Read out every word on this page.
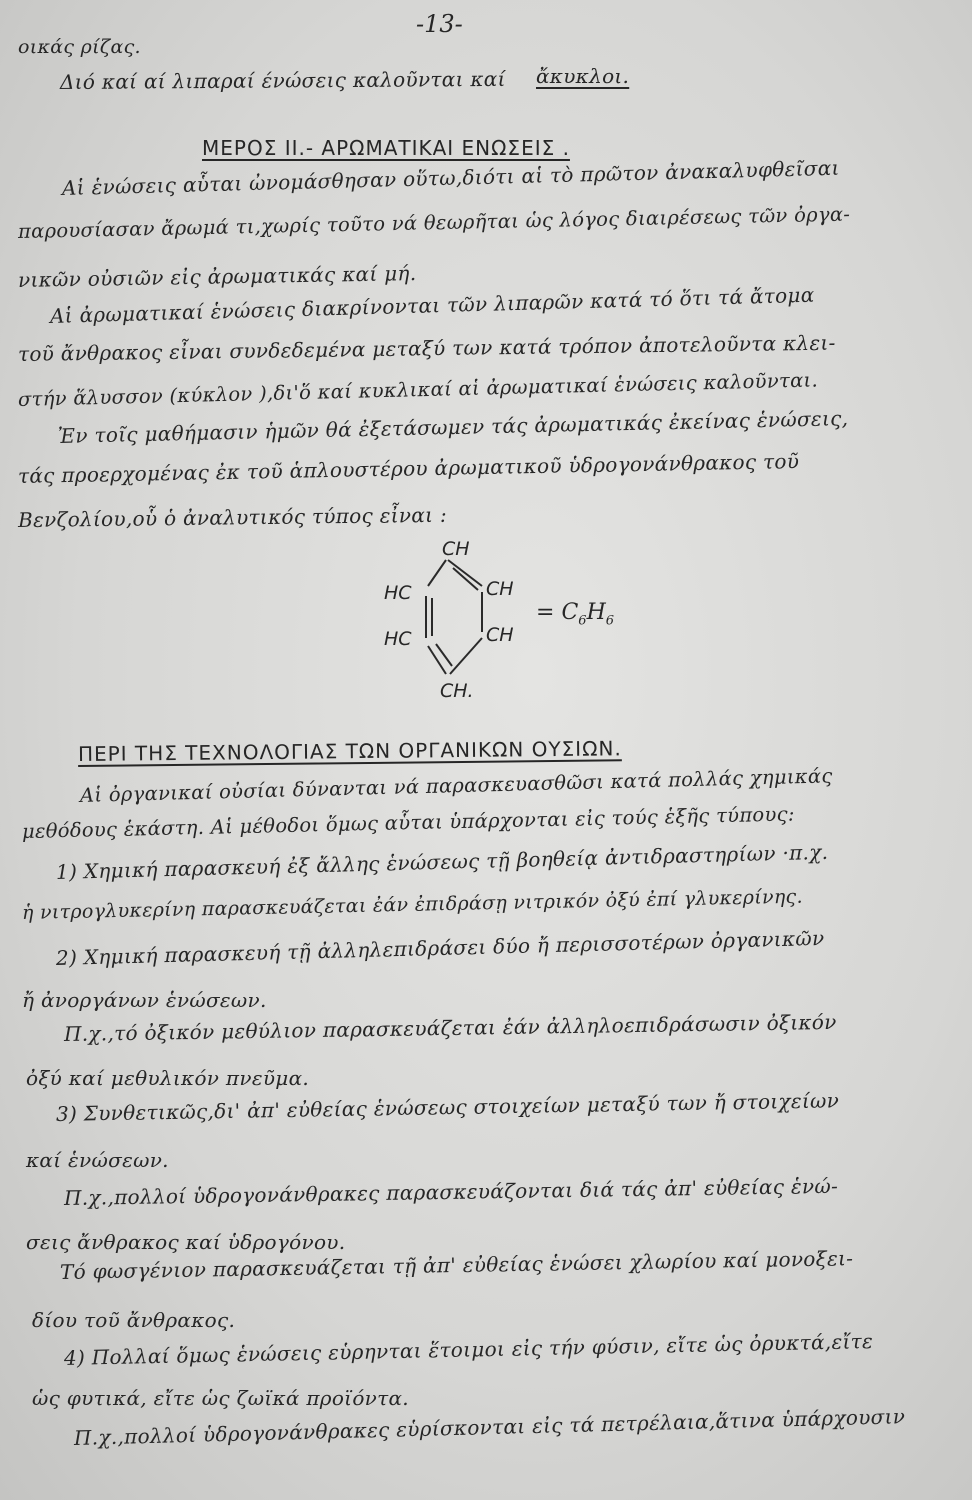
-13-
οικάς ρίζας.
Διό καί αί λιπαραί ένώσεις καλοῦνται καί ἄκυκλοι.
ΜΕΡΟΣ ΙΙ.- ΑΡΩΜΑΤΙΚΑΙ ΕΝΩΣΕΙΣ .
Αἱ ἑνώσεις αὗται ὠνομάσθησαν οὕτω,διότι αἱ τὸ πρῶτον ἀνακαλυφθεῖσαι
παρουσίασαν ἄρωμά τι,χωρίς τοῦτο νά θεωρῆται ὡς λόγος διαιρέσεως τῶν ὀργα-
νικῶν οὐσιῶν εἰς ἀρωματικάς καί μή.
Αἱ ἀρωματικαί ἑνώσεις διακρίνονται τῶν λιπαρῶν κατά τό ὅτι τά ἄτομα
τοῦ ἄνθρακος εἶναι συνδεδεμένα μεταξύ των κατά τρόπον ἀποτελοῦντα κλει-
στήν ἅλυσσον (κύκλον ),δι'ὅ καί κυκλικαί αἱ ἀρωματικαί ἑνώσεις καλοῦνται.
Ἐν τοῖς μαθήμασιν ἡμῶν θά ἐξετάσωμεν τάς ἀρωματικάς ἐκείνας ἑνώσεις,
τάς προερχομένας ἐκ τοῦ ἁπλουστέρου ἀρωματικοῦ ὑδρογονάνθρακος τοῦ
Βενζολίου,οὗ ὁ ἀναλυτικός τύπος εἶναι :
CH
HC	CH
HC	CH
CH.
= $C_6H_6$
ΠΕΡΙ ΤΗΣ ΤΕΧΝΟΛΟΓΙΑΣ ΤΩΝ ΟΡΓΑΝΙΚΩΝ ΟΥΣΙΩΝ.
Αἱ ὀργανικαί οὐσίαι δύνανται νά παρασκευασθῶσι κατά πολλάς χημικάς
μεθόδους ἑκάστη. Αἱ μέθοδοι ὅμως αὗται ὑπάρχονται εἰς τούς ἑξῆς τύπους:
1) Χημική παρασκευή ἐξ ἄλλης ἑνώσεως τῇ βοηθείᾳ ἀντιδραστηρίων ·π.χ.
ἡ νιτρογλυκερίνη παρασκευάζεται ἐάν ἐπιδράσῃ νιτρικόν ὀξύ ἐπί γλυκερίνης.
2) Χημική παρασκευή τῇ ἀλληλεπιδράσει δύο ἤ περισσοτέρων ὀργανικῶν
ἤ ἀνοργάνων ἑνώσεων.
Π.χ.,τό ὀξικόν μεθύλιον παρασκευάζεται ἐάν ἀλληλοεπιδράσωσιν ὀξικόν
ὀξύ καί μεθυλικόν πνεῦμα.
3) Συνθετικῶς,δι' ἀπ' εὐθείας ἑνώσεως στοιχείων μεταξύ των ἤ στοιχείων
καί ἑνώσεων.
Π.χ.,πολλοί ὑδρογονάνθρακες παρασκευάζονται διά τάς ἀπ' εὐθείας ἑνώ-
σεις ἄνθρακος καί ὑδρογόνου.
Τό φωσγένιον παρασκευάζεται τῇ ἀπ' εὐθείας ἑνώσει χλωρίου καί μονοξει-
δίου τοῦ ἄνθρακος.
4) Πολλαί ὅμως ἑνώσεις εὑρηνται ἕτοιμοι εἰς τήν φύσιν, εἴτε ὡς ὀρυκτά,εἴτε
ὡς φυτικά, εἴτε ὡς ζωϊκά προϊόντα.
Π.χ.,πολλοί ὑδρογονάνθρακες εὑρίσκονται εἰς τά πετρέλαια,ἅτινα ὑπάρχουσιν
